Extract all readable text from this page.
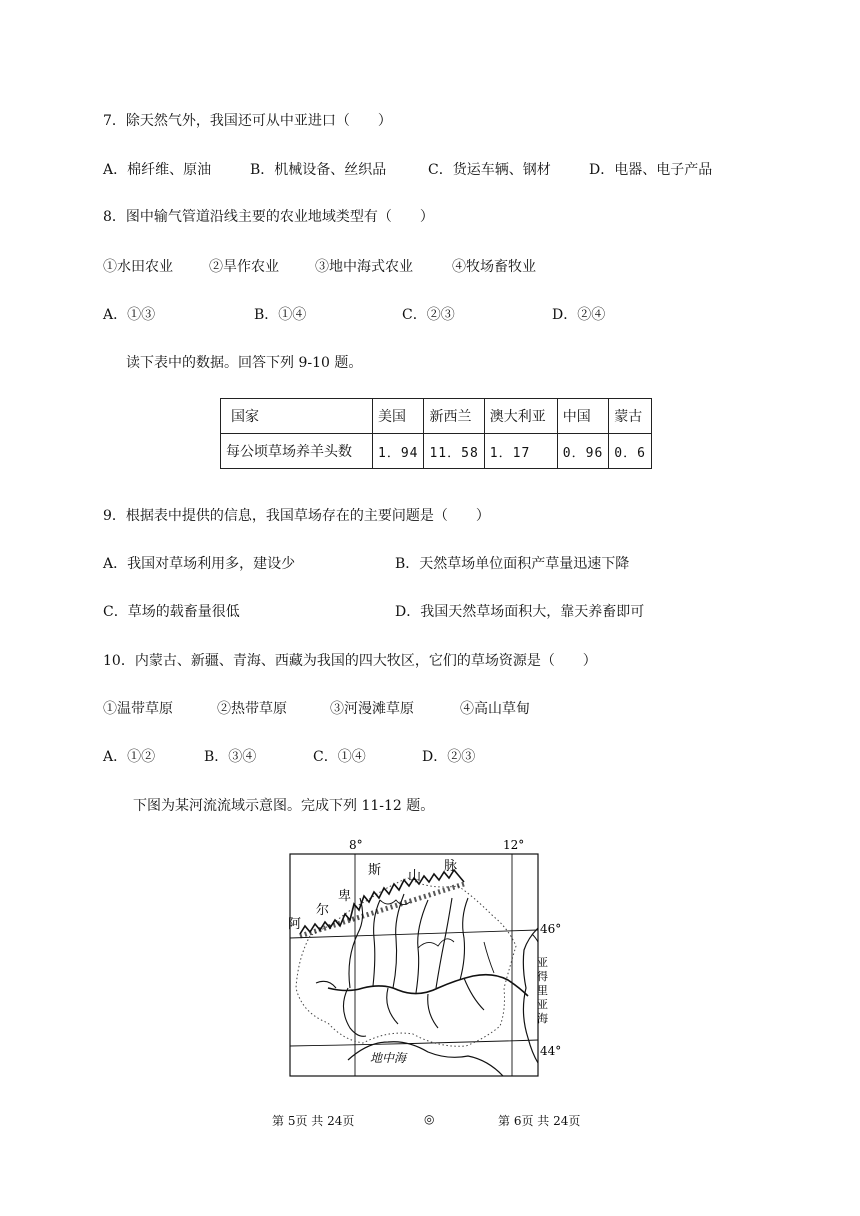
7．除天然气外，我国还可从中亚进口（　　）
A．棉纤维、原油	B．机械设备、丝织品	C．货运车辆、钢材	D．电器、电子产品
8．图中输气管道沿线主要的农业地域类型有（　　）
①水田农业	②旱作农业	③地中海式农业	④牧场畜牧业
A．①③	B．①④	C．②③	D．②④
读下表中的数据。回答下列 9-10 题。
国家	美国	新西兰	澳大利亚	中国	蒙古
每公顷草场养羊头数	1．94	11．58	1．17	0．96	0．6
9．根据表中提供的信息，我国草场存在的主要问题是（　　）
A．我国对草场利用多，建设少	B．天然草场单位面积产草量迅速下降
C．草场的载畜量很低	D．我国天然草场面积大，靠天养畜即可
10．内蒙古、新疆、青海、西藏为我国的四大牧区，它们的草场资源是（　　）
①温带草原	②热带草原	③河漫滩草原	④高山草甸
A．①②	B．③④	C．①④	D．②③
下图为某河流流域示意图。完成下列 11-12 题。
8°	12°
46°
44°
阿
尔
卑
斯 山
脉
地中海
亚
得
里
亚
海
第 5页 共 24页	◎	第 6页 共 24页
